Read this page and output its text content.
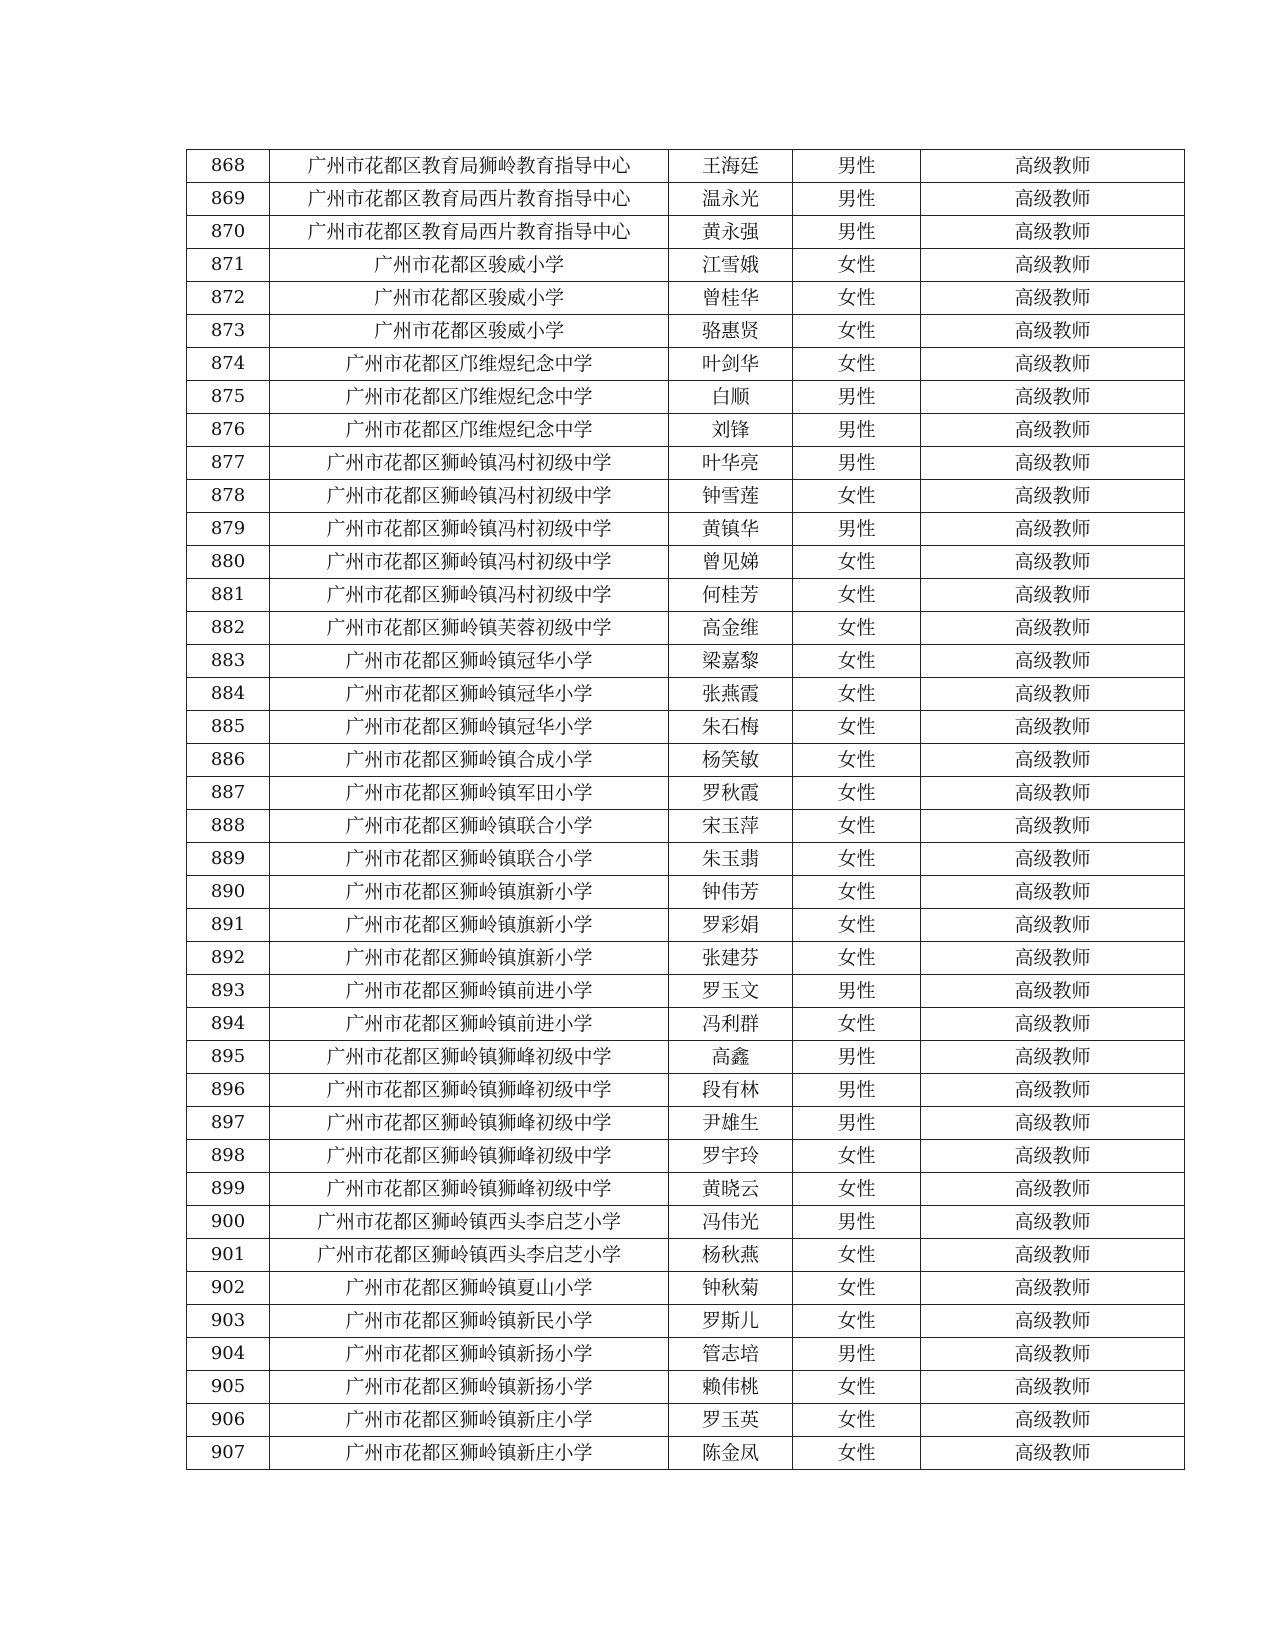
868	广州市花都区教育局狮岭教育指导中心	王海廷	男性	高级教师
869	广州市花都区教育局西片教育指导中心	温永光	男性	高级教师
870	广州市花都区教育局西片教育指导中心	黄永强	男性	高级教师
871	广州市花都区骏威小学	江雪娥	女性	高级教师
872	广州市花都区骏威小学	曾桂华	女性	高级教师
873	广州市花都区骏威小学	骆惠贤	女性	高级教师
874	广州市花都区邝维煜纪念中学	叶剑华	女性	高级教师
875	广州市花都区邝维煜纪念中学	白顺	男性	高级教师
876	广州市花都区邝维煜纪念中学	刘锋	男性	高级教师
877	广州市花都区狮岭镇冯村初级中学	叶华亮	男性	高级教师
878	广州市花都区狮岭镇冯村初级中学	钟雪莲	女性	高级教师
879	广州市花都区狮岭镇冯村初级中学	黄镇华	男性	高级教师
880	广州市花都区狮岭镇冯村初级中学	曾见娣	女性	高级教师
881	广州市花都区狮岭镇冯村初级中学	何桂芳	女性	高级教师
882	广州市花都区狮岭镇芙蓉初级中学	高金维	女性	高级教师
883	广州市花都区狮岭镇冠华小学	梁嘉黎	女性	高级教师
884	广州市花都区狮岭镇冠华小学	张燕霞	女性	高级教师
885	广州市花都区狮岭镇冠华小学	朱石梅	女性	高级教师
886	广州市花都区狮岭镇合成小学	杨笑敏	女性	高级教师
887	广州市花都区狮岭镇军田小学	罗秋霞	女性	高级教师
888	广州市花都区狮岭镇联合小学	宋玉萍	女性	高级教师
889	广州市花都区狮岭镇联合小学	朱玉翡	女性	高级教师
890	广州市花都区狮岭镇旗新小学	钟伟芳	女性	高级教师
891	广州市花都区狮岭镇旗新小学	罗彩娟	女性	高级教师
892	广州市花都区狮岭镇旗新小学	张建芬	女性	高级教师
893	广州市花都区狮岭镇前进小学	罗玉文	男性	高级教师
894	广州市花都区狮岭镇前进小学	冯利群	女性	高级教师
895	广州市花都区狮岭镇狮峰初级中学	高鑫	男性	高级教师
896	广州市花都区狮岭镇狮峰初级中学	段有林	男性	高级教师
897	广州市花都区狮岭镇狮峰初级中学	尹雄生	男性	高级教师
898	广州市花都区狮岭镇狮峰初级中学	罗宇玲	女性	高级教师
899	广州市花都区狮岭镇狮峰初级中学	黄晓云	女性	高级教师
900	广州市花都区狮岭镇西头李启芝小学	冯伟光	男性	高级教师
901	广州市花都区狮岭镇西头李启芝小学	杨秋燕	女性	高级教师
902	广州市花都区狮岭镇夏山小学	钟秋菊	女性	高级教师
903	广州市花都区狮岭镇新民小学	罗斯儿	女性	高级教师
904	广州市花都区狮岭镇新扬小学	管志培	男性	高级教师
905	广州市花都区狮岭镇新扬小学	赖伟桃	女性	高级教师
906	广州市花都区狮岭镇新庄小学	罗玉英	女性	高级教师
907	广州市花都区狮岭镇新庄小学	陈金凤	女性	高级教师
